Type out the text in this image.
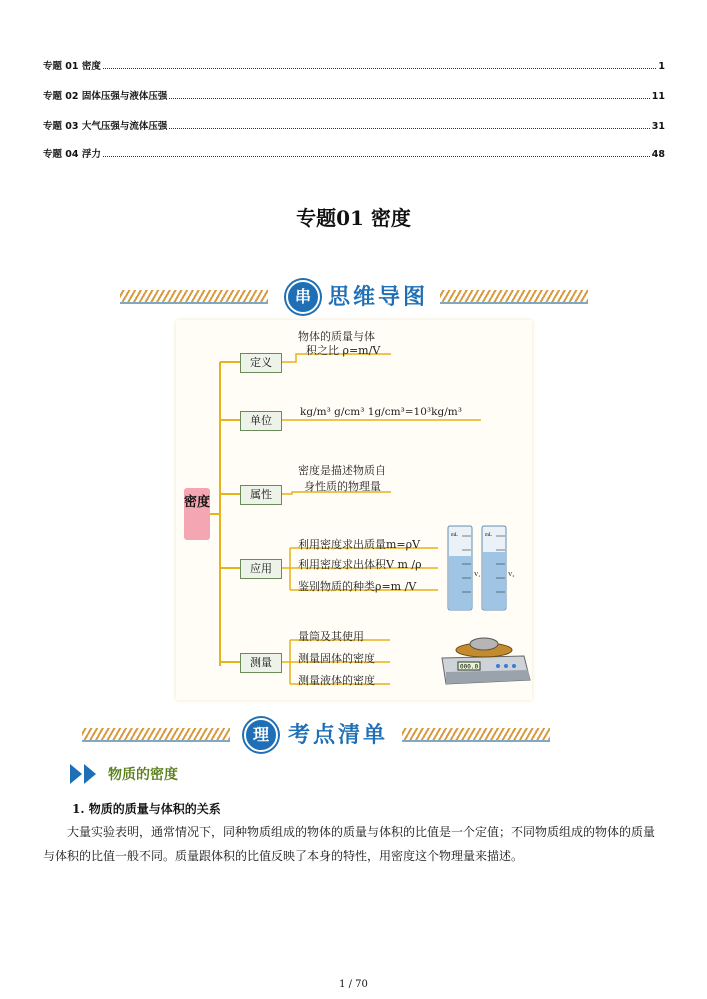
专题 01 密度	1
专题 02 固体压强与液体压强	11
专题 03 大气压强与流体压强	31
专题 04 浮力	48
专题01 密度
串 思维导图
密度
定义
物体的质量与体
积之比 ρ=m/V
单位
kg/m³ g/cm³ 1g/cm³=10³kg/m³
属性
密度是描述物质自
身性质的物理量
应用
利用密度求出质量m=ρV
利用密度求出体积V m /ρ
鉴别物质的种类ρ=m /V
测量
量筒及其使用
测量固体的密度
测量液体的密度
mL	mL
V₁	V₂
000.0
理 考点清单
物质的密度
1. 物质的质量与体积的关系
大量实验表明，通常情况下，同种物质组成的物体的质量与体积的比值是一个定值；不同物质组成的物体的质量与体积的比值一般不同。质量跟体积的比值反映了本身的特性，用密度这个物理量来描述。
1 / 70
